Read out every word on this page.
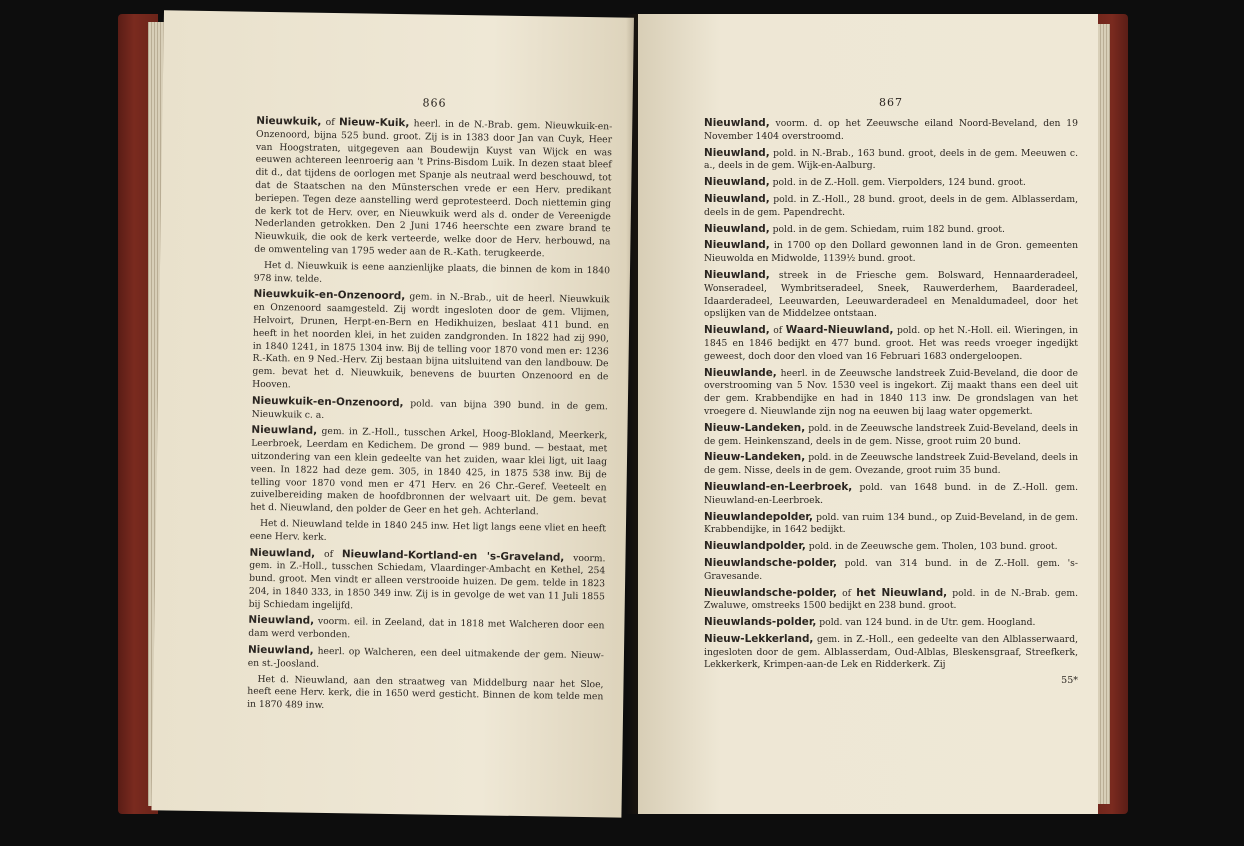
866

Nieuwkuik, of Nieuw-Kuik, heerl. in de N.-Brab. gem. Nieuwkuik-en-Onzenoord, bijna 525 bund. groot. Zij is in 1383 door Jan van Cuyk, Heer van Hoogstraten, uitgegeven aan Boudewijn Kuyst van Wijck en was eeuwen achtereen leenroerig aan 't Prins-Bisdom Luik. In dezen staat bleef dit d., dat tijdens de oorlogen met Spanje als neutraal werd beschouwd, tot dat de Staatschen na den Münsterschen vrede er een Herv. predikant beriepen. Tegen deze aanstelling werd geprotesteerd. Doch niettemin ging de kerk tot de Herv. over, en Nieuwkuik werd als d. onder de Vereenigde Nederlanden getrokken. Den 2 Juni 1746 heerschte een zware brand te Nieuwkuik, die ook de kerk verteerde, welke door de Herv. herbouwd, na de omwenteling van 1795 weder aan de R.-Kath. terugkeerde.

Het d. Nieuwkuik is eene aanzienlijke plaats, die binnen de kom in 1840 978 inw. telde.

Nieuwkuik-en-Onzenoord, gem. in N.-Brab., uit de heerl. Nieuwkuik en Onzenoord saamgesteld. Zij wordt ingesloten door de gem. Vlijmen, Helvoirt, Drunen, Herpt-en-Bern en Hedikhuizen, beslaat 411 bund. en heeft in het noorden klei, in het zuiden zandgronden. In 1822 had zij 990, in 1840 1241, in 1875 1304 inw. Bij de telling voor 1870 vond men er: 1236 R.-Kath. en 9 Ned.-Herv. Zij bestaan bijna uitsluitend van den landbouw. De gem. bevat het d. Nieuwkuik, benevens de buurten Onzenoord en de Hooven.

Nieuwkuik-en-Onzenoord, pold. van bijna 390 bund. in de gem. Nieuwkuik c. a.

Nieuwland, gem. in Z.-Holl., tusschen Arkel, Hoog-Blokland, Meerkerk, Leerbroek, Leerdam en Kedichem. De grond — 989 bund. — bestaat, met uitzondering van een klein gedeelte van het zuiden, waar klei ligt, uit laag veen. In 1822 had deze gem. 305, in 1840 425, in 1875 538 inw. Bij de telling voor 1870 vond men er 471 Herv. en 26 Chr.-Geref. Veeteelt en zuivelbereiding maken de hoofdbronnen der welvaart uit. De gem. bevat het d. Nieuwland, den polder de Geer en het geh. Achterland.

Het d. Nieuwland telde in 1840 245 inw. Het ligt langs eene vliet en heeft eene Herv. kerk.

Nieuwland, of Nieuwland-Kortland-en 's-Graveland, voorm. gem. in Z.-Holl., tusschen Schiedam, Vlaardinger-Ambacht en Kethel, 254 bund. groot. Men vindt er alleen verstrooide huizen. De gem. telde in 1823 204, in 1840 333, in 1850 349 inw. Zij is in gevolge de wet van 11 Juli 1855 bij Schiedam ingelijfd.

Nieuwland, voorm. eil. in Zeeland, dat in 1818 met Walcheren door een dam werd verbonden.

Nieuwland, heerl. op Walcheren, een deel uitmakende der gem. Nieuw-en st.-Joosland.

Het d. Nieuwland, aan den straatweg van Middelburg naar het Sloe, heeft eene Herv. kerk, die in 1650 werd gesticht. Binnen de kom telde men in 1870 489 inw.

867

Nieuwland, voorm. d. op het Zeeuwsche eiland Noord-Beveland, den 19 November 1404 overstroomd.

Nieuwland, pold. in N.-Brab., 163 bund. groot, deels in de gem. Meeuwen c. a., deels in de gem. Wijk-en-Aalburg.

Nieuwland, pold. in de Z.-Holl. gem. Vierpolders, 124 bund. groot.

Nieuwland, pold. in Z.-Holl., 28 bund. groot, deels in de gem. Alblasserdam, deels in de gem. Papendrecht.

Nieuwland, pold. in de gem. Schiedam, ruim 182 bund. groot.

Nieuwland, in 1700 op den Dollard gewonnen land in de Gron. gemeenten Nieuwolda en Midwolde, 1139½ bund. groot.

Nieuwland, streek in de Friesche gem. Bolsward, Hennaarderadeel, Wonseradeel, Wymbritseradeel, Sneek, Rauwerderhem, Baarderadeel, Idaarderadeel, Leeuwarden, Leeuwarderadeel en Menaldumadeel, door het opslijken van de Middelzee ontstaan.

Nieuwland, of Waard-Nieuwland, pold. op het N.-Holl. eil. Wieringen, in 1845 en 1846 bedijkt en 477 bund. groot. Het was reeds vroeger ingedijkt geweest, doch door den vloed van 16 Februari 1683 ondergeloopen.

Nieuwlande, heerl. in de Zeeuwsche landstreek Zuid-Beveland, die door de overstrooming van 5 Nov. 1530 veel is ingekort. Zij maakt thans een deel uit der gem. Krabbendijke en had in 1840 113 inw. De grondslagen van het vroegere d. Nieuwlande zijn nog na eeuwen bij laag water opgemerkt.

Nieuw-Landeken, pold. in de Zeeuwsche landstreek Zuid-Beveland, deels in de gem. Heinkenszand, deels in de gem. Nisse, groot ruim 20 bund.

Nieuw-Landeken, pold. in de Zeeuwsche landstreek Zuid-Beveland, deels in de gem. Nisse, deels in de gem. Ovezande, groot ruim 35 bund.

Nieuwland-en-Leerbroek, pold. van 1648 bund. in de Z.-Holl. gem. Nieuwland-en-Leerbroek.

Nieuwlandepolder, pold. van ruim 134 bund., op Zuid-Beveland, in de gem. Krabbendijke, in 1642 bedijkt.

Nieuwlandpolder, pold. in de Zeeuwsche gem. Tholen, 103 bund. groot.

Nieuwlandsche-polder, pold. van 314 bund. in de Z.-Holl. gem. 's-Gravesande.

Nieuwlandsche-polder, of het Nieuwland, pold. in de N.-Brab. gem. Zwaluwe, omstreeks 1500 bedijkt en 238 bund. groot.

Nieuwlands-polder, pold. van 124 bund. in de Utr. gem. Hoogland.

Nieuw-Lekkerland, gem. in Z.-Holl., een gedeelte van den Alblasserwaard, ingesloten door de gem. Alblasserdam, Oud-Alblas, Bleskensgraaf, Streefkerk, Lekkerkerk, Krimpen-aan-de Lek en Ridderkerk. Zij

55*
